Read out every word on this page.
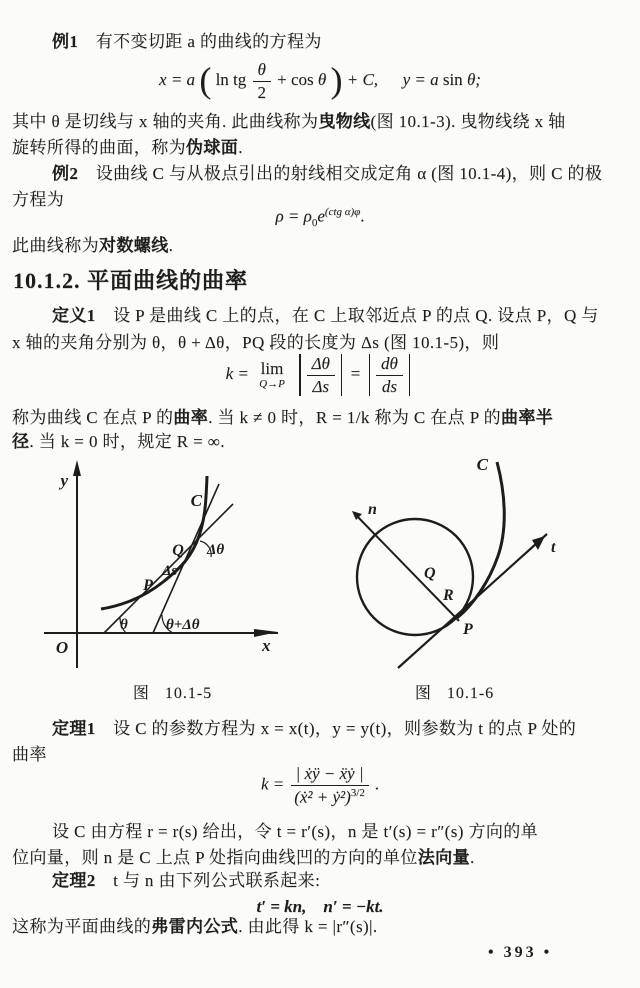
例1　有不变切距 a 的曲线的方程为
x = a ( ln tg $\frac{\theta}{2} + \cos \theta$ ) + C, y = a sin θ;
其中 θ 是切线与 x 轴的夹角. 此曲线称为曳物线(图 10.1-3). 曳物线绕 x 轴
旋转所得的曲面，称为伪球面.
例2　设曲线 C 与从极点引出的射线相交成定角 α (图 10.1-4)，则 C 的极
方程为
$\rho = \rho_0e^{(ctg \alpha)\varphi}$.
此曲线称为对数螺线.
10.1.2. 平面曲线的曲率
定义1　设 P 是曲线 C 上的点，在 C 上取邻近点 P 的点 Q. 设点 P，Q 与
x 轴的夹角分别为 θ，θ + Δθ，PQ 段的长度为 Δs (图 10.1-5)，则
k = lim
Q→P
$\frac{\Delta\theta}{\Delta s} = \frac{d\theta}{ds}$
称为曲线 C 在点 P 的曲率. 当 k ≠ 0 时，R = 1/k 称为 C 在点 P 的曲率半
径. 当 k = 0 时，规定 R = ∞.
y
C
Q Δθ
Δs
P
θ	θ+Δθ
O	x
C
n
Q
R
P
t
图   10.1-5	图   10.1-6
定理1　设 C 的参数方程为 x = x(t)，y = y(t)，则参数为 t 的点 P 处的
曲率
$k = \frac{\text{| ẋÿ − ẍẏ |}}{(ẋ^2 + ẏ^2)^{3/2}}$ .
设 C 由方程 r = r(s) 给出，令 t = r′(s)，n 是 t′(s) = r″(s) 方向的单
位向量，则 n 是 C 上点 P 处指向曲线凹的方向的单位法向量.
定理2　t 与 n 由下列公式联系起来:
t′ = kn,　n′ = −kt.
这称为平面曲线的弗雷内公式. 由此得 k = |r″(s)|.
• 393 •
